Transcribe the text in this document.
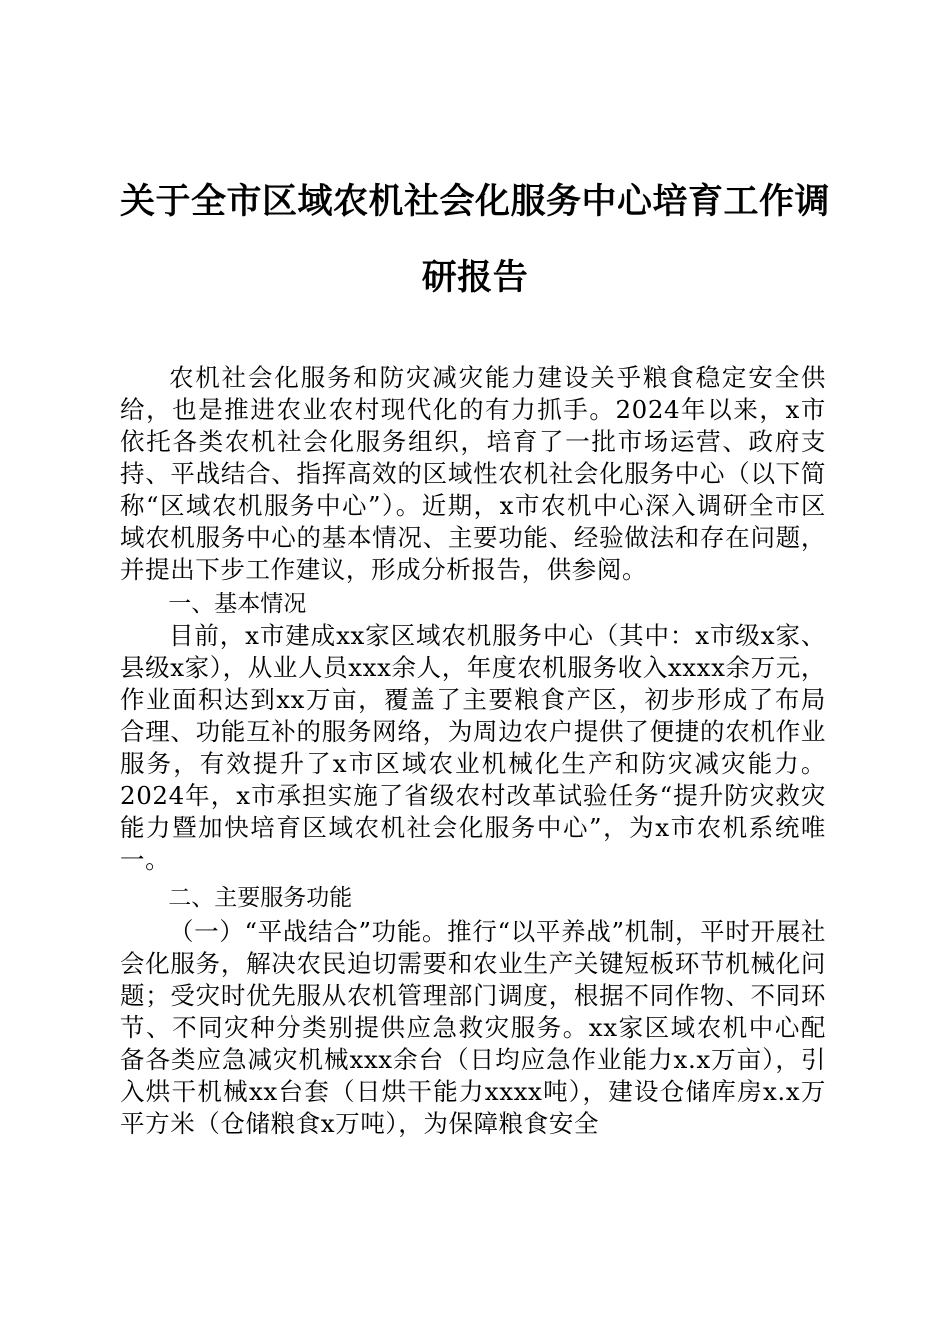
关于全市区域农机社会化服务中心培育工作调研报告

农机社会化服务和防灾减灾能力建设关乎粮食稳定安全供给，也是推进农业农村现代化的有力抓手。2024年以来，x市依托各类农机社会化服务组织，培育了一批市场运营、政府支持、平战结合、指挥高效的区域性农机社会化服务中心（以下简称“区域农机服务中心”）。近期，x市农机中心深入调研全市区域农机服务中心的基本情况、主要功能、经验做法和存在问题，并提出下步工作建议，形成分析报告，供参阅。

一、基本情况

目前，x市建成xx家区域农机服务中心（其中：x市级x家、县级x家），从业人员xxx余人，年度农机服务收入xxxx余万元，作业面积达到xx万亩，覆盖了主要粮食产区，初步形成了布局合理、功能互补的服务网络，为周边农户提供了便捷的农机作业服务，有效提升了x市区域农业机械化生产和防灾减灾能力。2024年，x市承担实施了省级农村改革试验任务“提升防灾救灾能力暨加快培育区域农机社会化服务中心”，为x市农机系统唯一。

二、主要服务功能

（一）“平战结合”功能。推行“以平养战”机制，平时开展社会化服务，解决农民迫切需要和农业生产关键短板环节机械化问题；受灾时优先服从农机管理部门调度，根据不同作物、不同环节、不同灾种分类别提供应急救灾服务。xx家区域农机中心配备各类应急减灾机械xxx余台（日均应急作业能力x.x万亩），引入烘干机械xx台套（日烘干能力xxxx吨），建设仓储库房x.x万平方米（仓储粮食x万吨），为保障粮食安全
